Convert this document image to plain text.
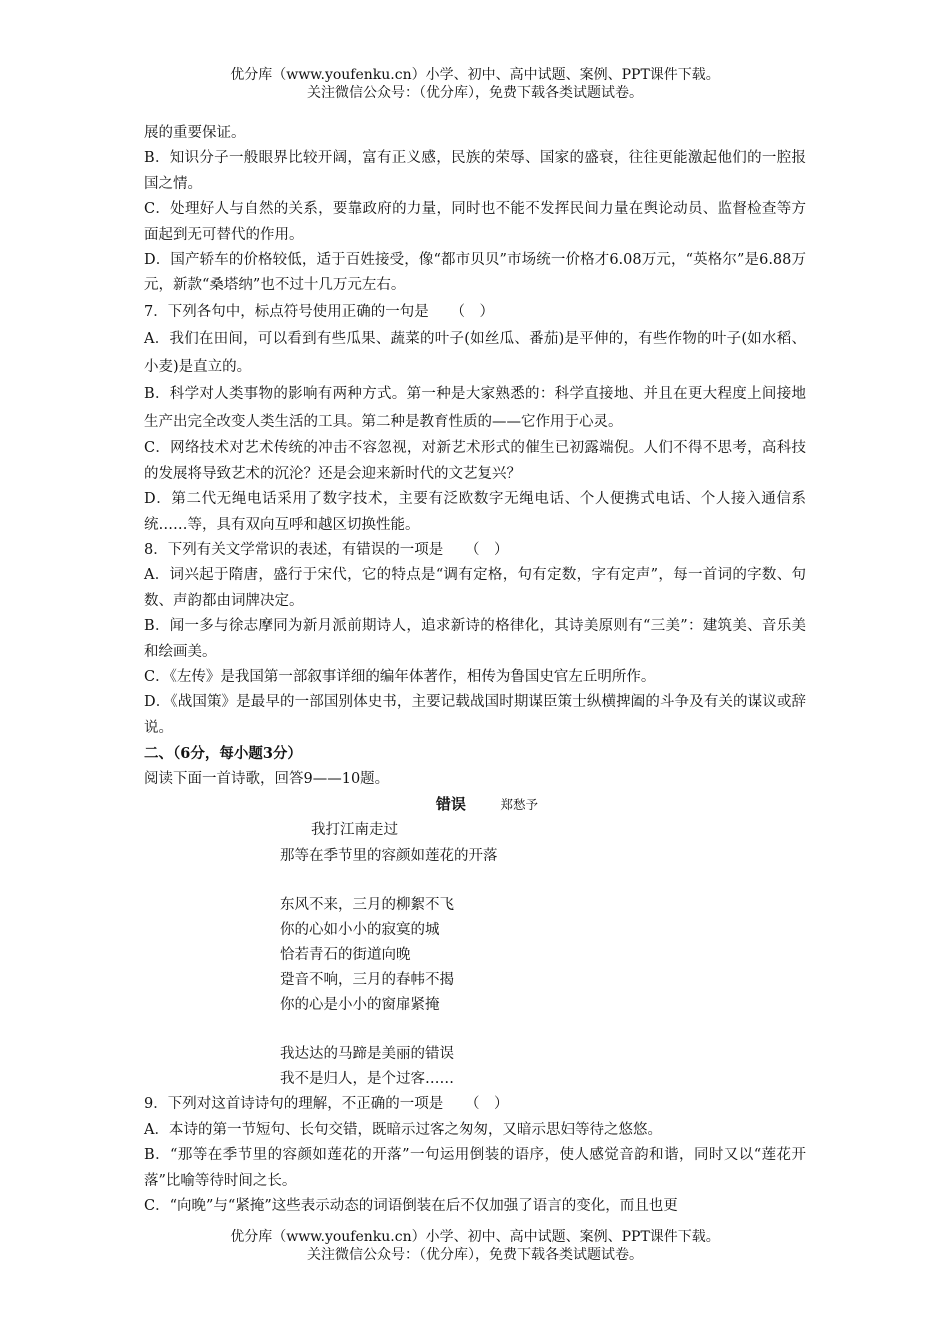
优分库（www.youfenku.cn）小学、初中、高中试题、案例、PPT课件下载。
关注微信公众号：（优分库），免费下载各类试题试卷。
展的重要保证。
B．知识分子一般眼界比较开阔，富有正义感，民族的荣辱、国家的盛衰，往往更能激起他们的一腔报国之情。
C．处理好人与自然的关系，要靠政府的力量，同时也不能不发挥民间力量在舆论动员、监督检查等方面起到无可替代的作用。
D．国产轿车的价格较低，适于百姓接受，像“都市贝贝”市场统一价格才6.08万元，“英格尔”是6.88万元，新款“桑塔纳”也不过十几万元左右。
7．下列各句中，标点符号使用正确的一句是　　（　）
A．我们在田间，可以看到有些瓜果、蔬菜的叶子(如丝瓜、番茄)是平伸的，有些作物的叶子(如水稻、小麦)是直立的。
B．科学对人类事物的影响有两种方式。第一种是大家熟悉的：科学直接地、并且在更大程度上间接地生产出完全改变人类生活的工具。第二种是教育性质的——它作用于心灵。
C．网络技术对艺术传统的冲击不容忽视，对新艺术形式的催生已初露端倪。人们不得不思考，高科技的发展将导致艺术的沉沦？还是会迎来新时代的文艺复兴？
D．第二代无绳电话采用了数字技术，主要有泛欧数字无绳电话、个人便携式电话、个人接入通信系统……等，具有双向互呼和越区切换性能。
8．下列有关文学常识的表述，有错误的一项是　　（　）
A．词兴起于隋唐，盛行于宋代，它的特点是“调有定格，句有定数，字有定声”，每一首词的字数、句数、声韵都由词牌决定。
B．闻一多与徐志摩同为新月派前期诗人，追求新诗的格律化，其诗美原则有“三美”：建筑美、音乐美和绘画美。
C．《左传》是我国第一部叙事详细的编年体著作，相传为鲁国史官左丘明所作。
D．《战国策》是最早的一部国别体史书，主要记载战国时期谋臣策士纵横捭阖的斗争及有关的谋议或辞说。
二、（6分，每小题3分）
阅读下面一首诗歌，回答9——10题。
错误	郑愁予
我打江南走过
那等在季节里的容颜如莲花的开落
东风不来，三月的柳絮不飞
你的心如小小的寂寞的城
恰若青石的街道向晚
跫音不响，三月的春帏不揭
你的心是小小的窗扉紧掩
我达达的马蹄是美丽的错误
我不是归人，是个过客……
9．下列对这首诗诗句的理解，不正确的一项是　　（　）
A．本诗的第一节短句、长句交错，既暗示过客之匆匆，又暗示思妇等待之悠悠。
B．“那等在季节里的容颜如莲花的开落”一句运用倒装的语序，使人感觉音韵和谐，同时又以“莲花开落”比喻等待时间之长。
C．“向晚”与“紧掩”这些表示动态的词语倒装在后不仅加强了语言的变化，而且也更
优分库（www.youfenku.cn）小学、初中、高中试题、案例、PPT课件下载。
关注微信公众号：（优分库），免费下载各类试题试卷。
